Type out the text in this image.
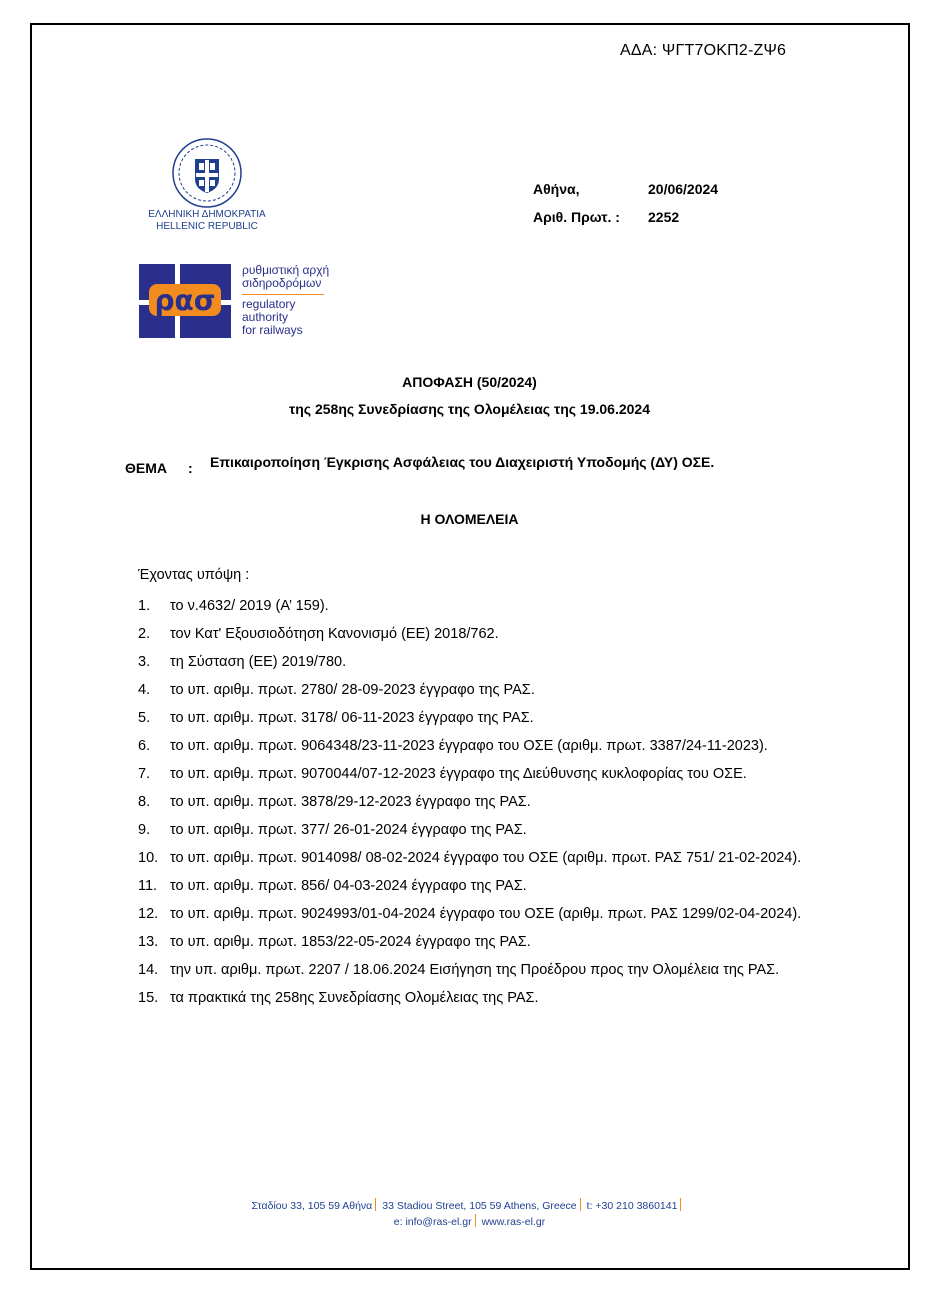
ΑΔΑ: ΨΓΤ7ΟΚΠ2-ΖΨ6
ΕΛΛΗΝΙΚΗ ΔΗΜΟΚΡΑΤΙΑ
HELLENIC REPUBLIC
Αθήνα,	20/06/2024
Αριθ. Πρωτ. : 2252
ρασ
ρυθμιστική αρχή
σιδηροδρόμων
regulatory
authority
for railways
ΑΠΟΦΑΣΗ (50/2024)
της 258ης Συνεδρίασης της Ολομέλειας της 19.06.2024
ΘΕΜΑ : Επικαιροποίηση Έγκρισης Ασφάλειας του Διαχειριστή Υποδομής (ΔΥ) ΟΣΕ.
Η ΟΛΟΜΕΛΕΙΑ
Έχοντας υπόψη :
1. το ν.4632/ 2019 (Α’ 159).
2. τον Κατ' Εξουσιοδότηση Κανονισμό (ΕΕ) 2018/762.
3. τη Σύσταση (ΕΕ) 2019/780.
4. το υπ. αριθμ. πρωτ. 2780/ 28-09-2023 έγγραφο της ΡΑΣ.
5. το υπ. αριθμ. πρωτ. 3178/ 06-11-2023 έγγραφο της ΡΑΣ.
6. το υπ. αριθμ. πρωτ. 9064348/23-11-2023 έγγραφο του ΟΣΕ (αριθμ. πρωτ. 3387/24-11-2023).
7. το υπ. αριθμ. πρωτ. 9070044/07-12-2023 έγγραφο της Διεύθυνσης κυκλοφορίας του ΟΣΕ.
8. το υπ. αριθμ. πρωτ. 3878/29-12-2023 έγγραφο της ΡΑΣ.
9. το υπ. αριθμ. πρωτ. 377/ 26-01-2024 έγγραφο της ΡΑΣ.
10. το υπ. αριθμ. πρωτ. 9014098/ 08-02-2024 έγγραφο του ΟΣΕ (αριθμ. πρωτ. ΡΑΣ 751/ 21-02-2024).
11. το υπ. αριθμ. πρωτ. 856/ 04-03-2024 έγγραφο της ΡΑΣ.
12. το υπ. αριθμ. πρωτ. 9024993/01-04-2024 έγγραφο του ΟΣΕ (αριθμ. πρωτ. ΡΑΣ 1299/02-04-2024).
13. το υπ. αριθμ. πρωτ. 1853/22-05-2024 έγγραφο της ΡΑΣ.
14. την υπ. αριθμ. πρωτ. 2207 / 18.06.2024 Εισήγηση της Προέδρου προς την Ολομέλεια της ΡΑΣ.
15. τα πρακτικά της 258ης Συνεδρίασης Ολομέλειας της ΡΑΣ.
Σταδίου 33, 105 59 Αθήνα 33 Stadiou Street, 105 59 Athens, Greece t: +30 210 3860141
e: info@ras-el.gr www.ras-el.gr
